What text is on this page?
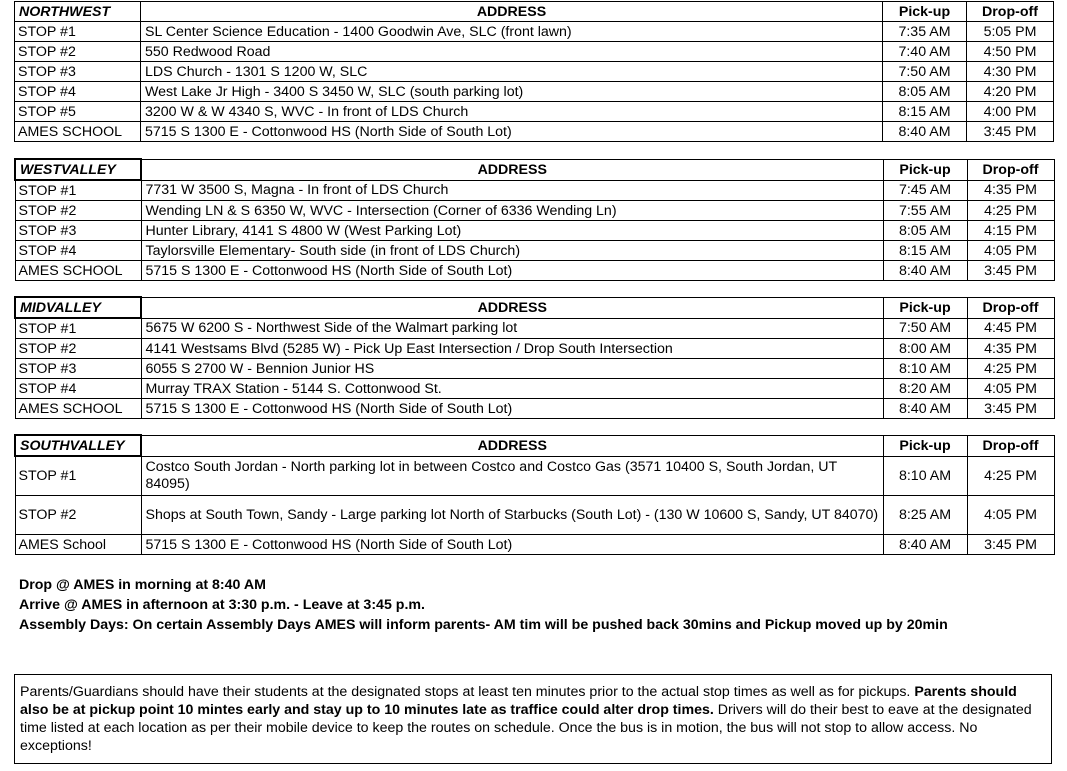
NORTHWEST	ADDRESS	Pick-up	Drop-off
STOP #1	SL Center Science Education - 1400 Goodwin Ave, SLC (front lawn)	7:35 AM	5:05 PM
STOP #2	550 Redwood Road	7:40 AM	4:50 PM
STOP #3	LDS Church - 1301 S 1200 W, SLC	7:50 AM	4:30 PM
STOP #4	West Lake Jr High - 3400 S 3450 W, SLC (south parking lot)	8:05 AM	4:20 PM
STOP #5	3200 W & W 4340 S, WVC - In front of LDS Church	8:15 AM	4:00 PM
AMES SCHOOL	5715 S 1300 E - Cottonwood HS (North Side of South Lot)	8:40 AM	3:45 PM
WESTVALLEY	ADDRESS	Pick-up	Drop-off
STOP #1	7731 W 3500 S, Magna - In front of LDS Church	7:45 AM	4:35 PM
STOP #2	Wending LN & S 6350 W, WVC - Intersection (Corner of 6336 Wending Ln)	7:55 AM	4:25 PM
STOP #3	Hunter Library, 4141 S 4800 W (West Parking Lot)	8:05 AM	4:15 PM
STOP #4	Taylorsville Elementary- South side (in front of LDS Church)	8:15 AM	4:05 PM
AMES SCHOOL	5715 S 1300 E - Cottonwood HS (North Side of South Lot)	8:40 AM	3:45 PM
MIDVALLEY	ADDRESS	Pick-up	Drop-off
STOP #1	5675 W 6200 S - Northwest Side of the Walmart parking lot	7:50 AM	4:45 PM
STOP #2	4141 Westsams Blvd (5285 W) - Pick Up East Intersection / Drop South Intersection	8:00 AM	4:35 PM
STOP #3	6055 S 2700 W - Bennion Junior HS	8:10 AM	4:25 PM
STOP #4	Murray TRAX Station - 5144 S. Cottonwood St.	8:20 AM	4:05 PM
AMES SCHOOL	5715 S 1300 E - Cottonwood HS (North Side of South Lot)	8:40 AM	3:45 PM
SOUTHVALLEY	ADDRESS	Pick-up	Drop-off
STOP #1	Costco South Jordan - North parking lot in between Costco and Costco Gas (3571 10400 S, South Jordan, UT 84095)	8:10 AM	4:25 PM
STOP #2	Shops at South Town, Sandy - Large parking lot North of Starbucks (South Lot) - (130 W 10600 S, Sandy, UT 84070)	8:25 AM	4:05 PM
AMES School	5715 S 1300 E - Cottonwood HS (North Side of South Lot)	8:40 AM	3:45 PM
Drop @ AMES in morning at 8:40 AM
Arrive @ AMES in afternoon at 3:30 p.m. - Leave at 3:45 p.m.
Assembly Days: On certain Assembly Days AMES will inform parents- AM tim will be pushed back 30mins and Pickup moved up by 20min
Parents/Guardians should have their students at the designated stops at least ten minutes prior to the actual stop times as well as for pickups. Parents should also be at pickup point 10 mintes early and stay up to 10 minutes late as traffice could alter drop times. Drivers will do their best to eave at the designated time listed at each location as per their mobile device to keep the routes on schedule. Once the bus is in motion, the bus will not stop to allow access. No exceptions!
